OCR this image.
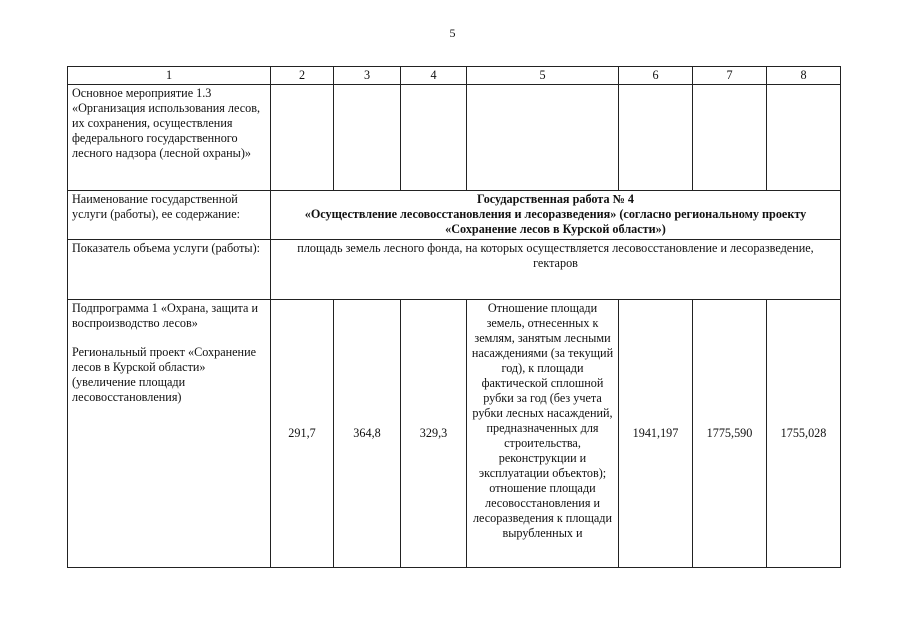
5
1	2	3	4	5	6	7	8
Основное мероприятие 1.3 «Организация использования лесов, их сохранения, осуществления федерального государственного лесного надзора (лесной охраны)»							
Наименование государственной услуги (работы), ее содержание:	Государственная работа № 4
«Осуществление лесовосстановления и лесоразведения» (согласно региональному проекту «Сохранение лесов в Курской области»)						

Показатель объема услуги (работы):	площадь земель лесного фонда, на которых осуществляется лесовосстановление и лесоразведение, гектаров						

Подпрограмма 1 «Охрана, защита и воспроизводство лесов»
Региональный проект «Сохранение лесов в Курской области» (увеличение площади лесовосстановления)	291,7	364,8	329,3	Отношение площади земель, отнесенных к землям, занятым лесными насаждениями (за текущий год), к площади фактической сплошной рубки за год (без учета рубки лесных насаждений, предназначенных для строительства, реконструкции и эксплуатации объектов); отношение площади лесовосстановления и лесоразведения к площади вырубленных и	1941,197	1775,590	1755,028
